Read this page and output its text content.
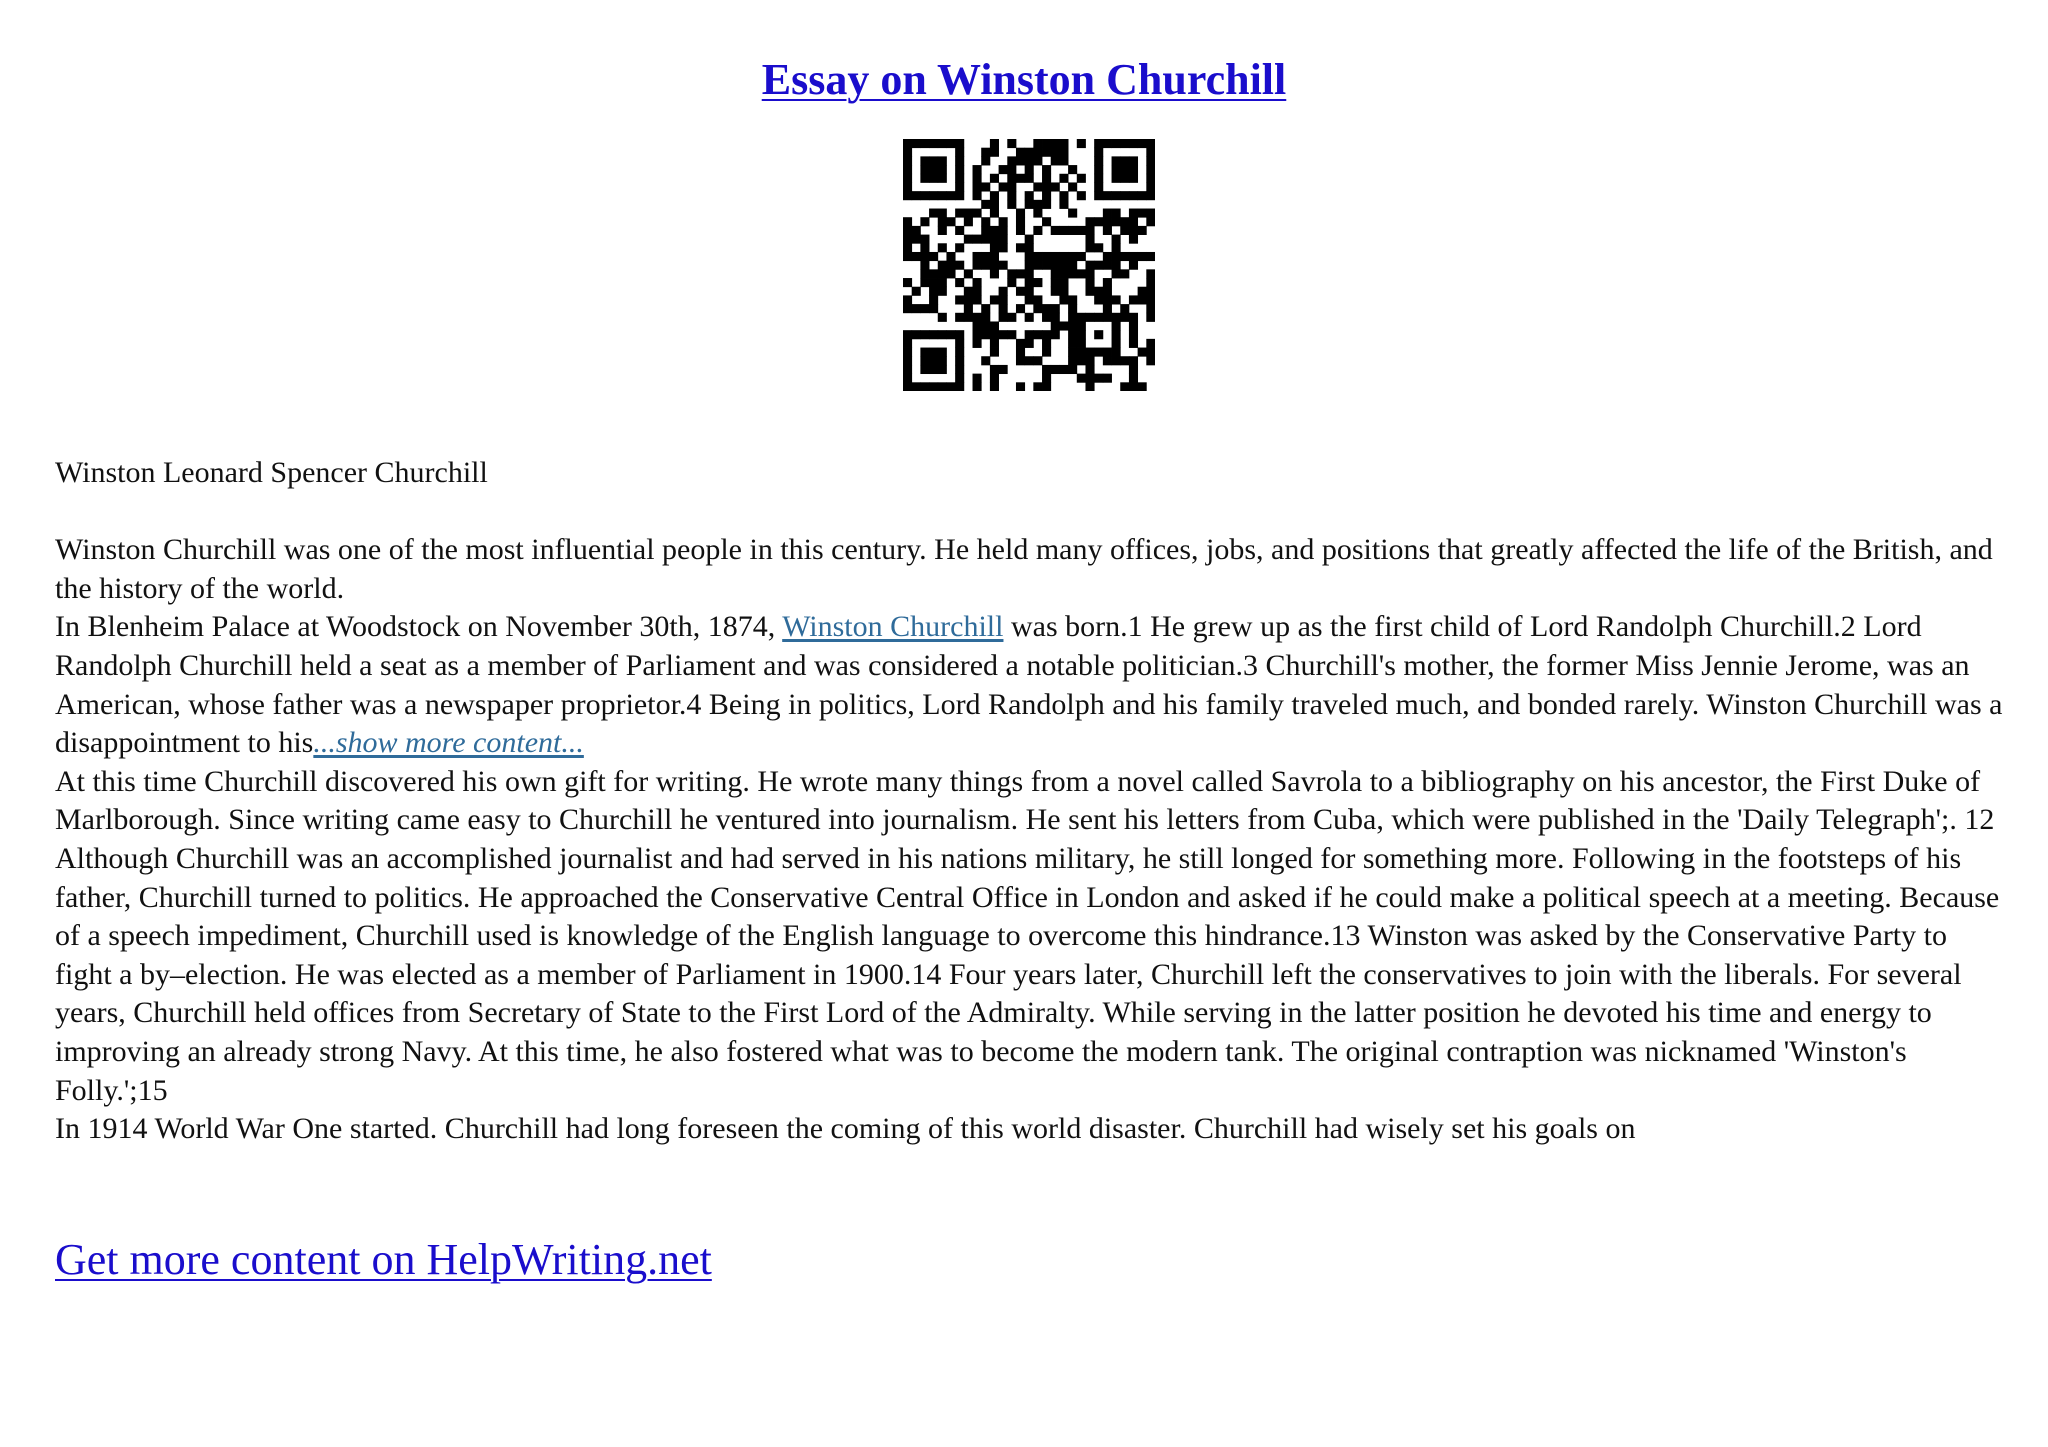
Essay on Winston Churchill

Winston Leonard Spencer Churchill

Winston Churchill was one of the most influential people in this century. He held many offices, jobs, and positions that greatly affected the life of the British, and the history of the world.

In Blenheim Palace at Woodstock on November 30th, 1874, Winston Churchill was born.1 He grew up as the first child of Lord Randolph Churchill.2 Lord Randolph Churchill held a seat as a member of Parliament and was considered a notable politician.3 Churchill's mother, the former Miss Jennie Jerome, was an American, whose father was a newspaper proprietor.4 Being in politics, Lord Randolph and his family traveled much, and bonded rarely. Winston Churchill was a disappointment to his...show more content...

At this time Churchill discovered his own gift for writing. He wrote many things from a novel called Savrola to a bibliography on his ancestor, the First Duke of Marlborough. Since writing came easy to Churchill he ventured into journalism. He sent his letters from Cuba, which were published in the 'Daily Telegraph';. 12

Although Churchill was an accomplished journalist and had served in his nations military, he still longed for something more. Following in the footsteps of his father, Churchill turned to politics. He approached the Conservative Central Office in London and asked if he could make a political speech at a meeting. Because of a speech impediment, Churchill used is knowledge of the English language to overcome this hindrance.13 Winston was asked by the Conservative Party to fight a by–election. He was elected as a member of Parliament in 1900.14 Four years later, Churchill left the conservatives to join with the liberals. For several years, Churchill held offices from Secretary of State to the First Lord of the Admiralty. While serving in the latter position he devoted his time and energy to improving an already strong Navy. At this time, he also fostered what was to become the modern tank. The original contraption was nicknamed 'Winston's Folly.';15

In 1914 World War One started. Churchill had long foreseen the coming of this world disaster. Churchill had wisely set his goals on

Get more content on HelpWriting.net
